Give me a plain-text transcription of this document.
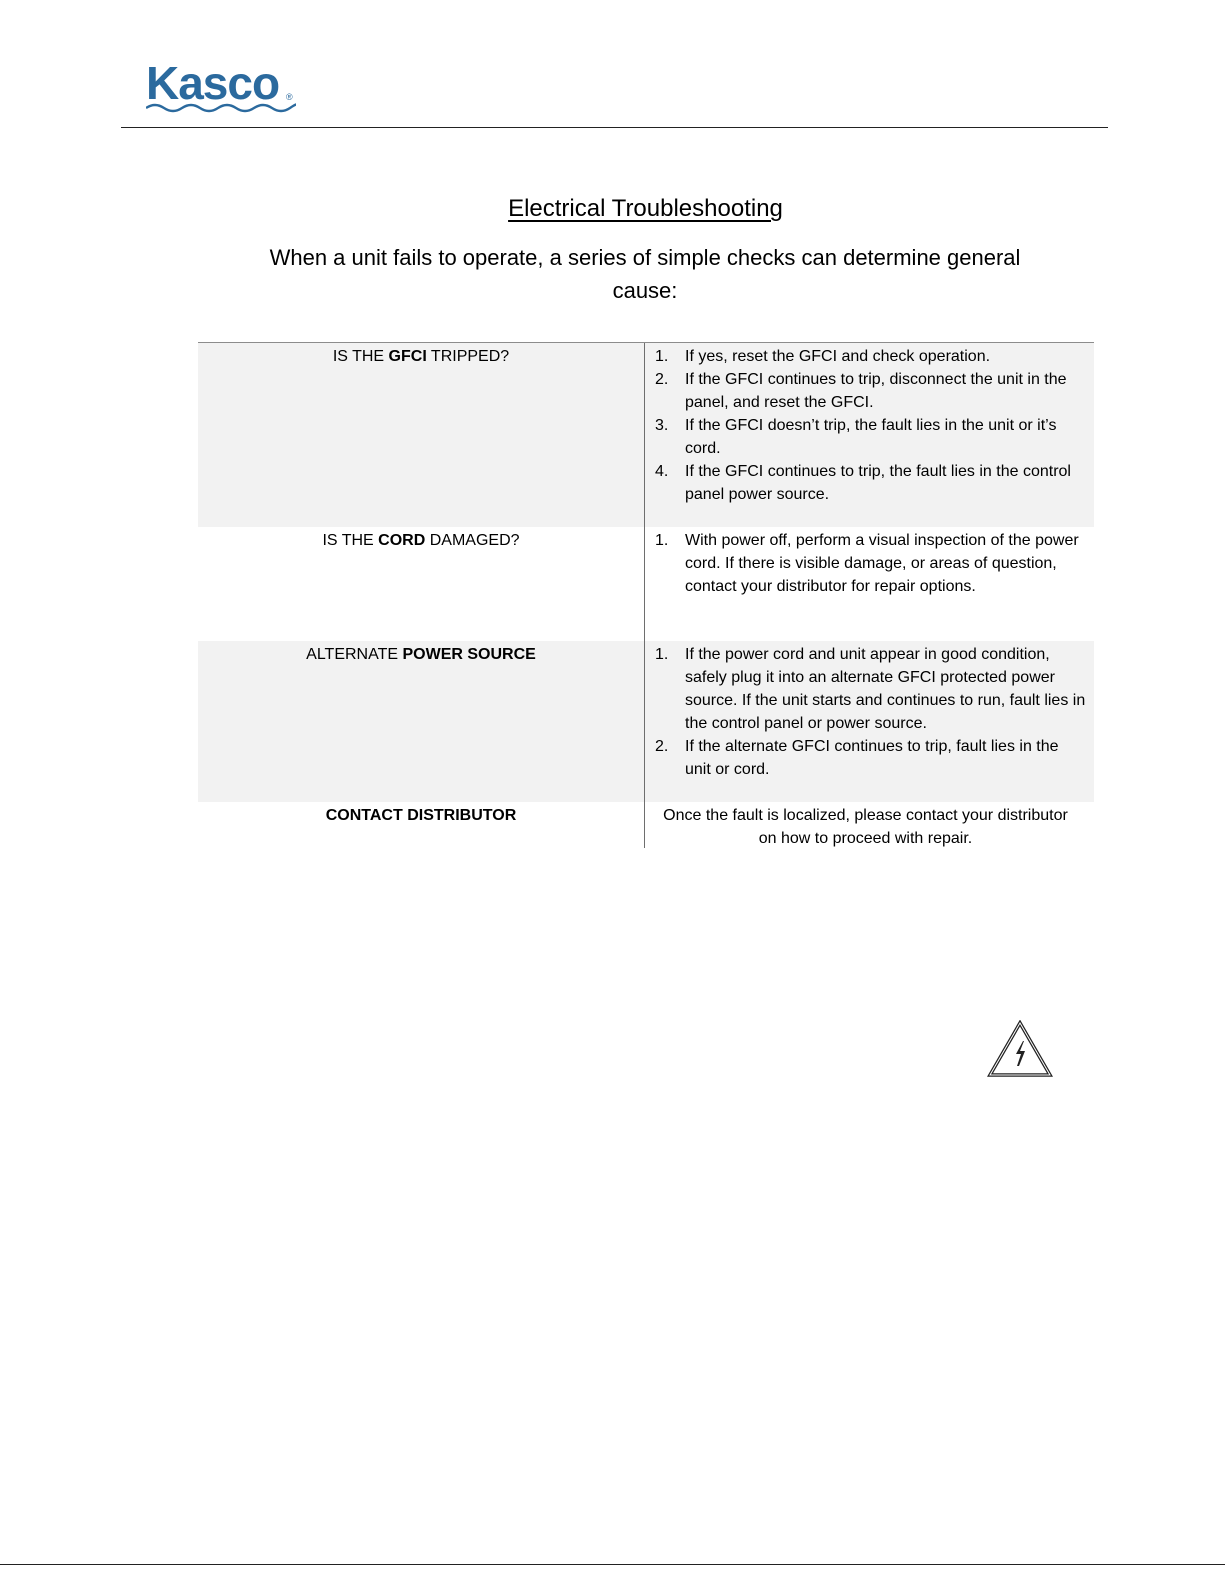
Kasco ®
Electrical Troubleshooting
When a unit fails to operate, a series of simple checks can determine general cause:
IS THE GFCI TRIPPED?	1.	If yes, reset the GFCI and check operation.
2.	If the GFCI continues to trip, disconnect the unit in the panel, and reset the GFCI.
3.	If the GFCI doesn’t trip, the fault lies in the unit or it’s cord.
4.	If the GFCI continues to trip, the fault lies in the control panel power source.
IS THE CORD DAMAGED?	1.	With power off, perform a visual inspection of the power cord. If there is visible damage, or areas of question, contact your distributor for repair options.
ALTERNATE POWER SOURCE	1.	If the power cord and unit appear in good condition, safely plug it into an alternate GFCI protected power source. If the unit starts and continues to run, fault lies in the control panel or power source.
2.	If the alternate GFCI continues to trip, fault lies in the unit or cord.
CONTACT DISTRIBUTOR	Once the fault is localized, please contact your distributor on how to proceed with repair.
